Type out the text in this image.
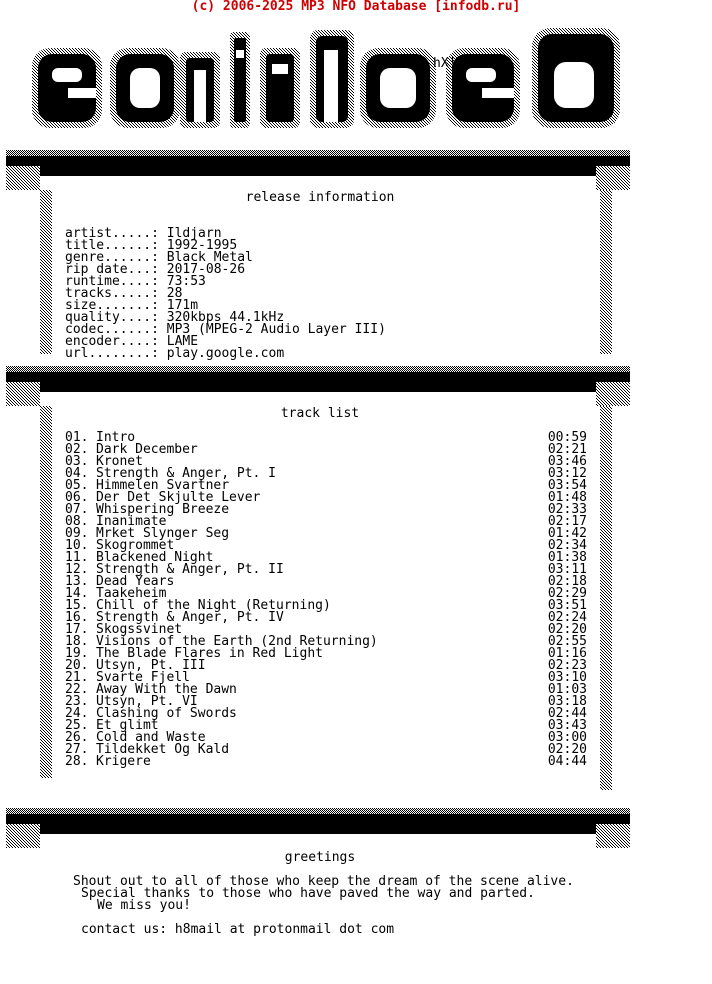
(c) 2006-2025 MP3 NFO Database [infodb.ru]
hX!
release information
artist.....: Ildjarn
title......: 1992-1995
genre......: Black Metal
rip date...: 2017-08-26
runtime....: 73:53
tracks.....: 28
size.......: 171m
quality....: 320kbps 44.1kHz
codec......: MP3 (MPEG-2 Audio Layer III)
encoder....: LAME
url........: play.google.com
track list
01. Intro	00:59
02. Dark December	02:21
03. Kronet	03:46
04. Strength & Anger, Pt. I	03:12
05. Himmelen Svartner	03:54
06. Der Det Skjulte Lever	01:48
07. Whispering Breeze	02:33
08. Inanimate	02:17
09. Mrket Slynger Seg	01:42
10. Skogrommet	02:34
11. Blackened Night	01:38
12. Strength & Anger, Pt. II	03:11
13. Dead Years	02:18
14. Taakeheim	02:29
15. Chill of the Night (Returning)	03:51
16. Strength & Anger, Pt. IV	02:24
17. Skogssvinet	02:20
18. Visions of the Earth (2nd Returning)	02:55
19. The Blade Flares in Red Light	01:16
20. Utsyn, Pt. III	02:23
21. Svarte Fjell	03:10
22. Away With the Dawn	01:03
23. Utsyn, Pt. VI	03:18
24. Clashing of Swords	02:44
25. Et glimt	03:43
26. Cold and Waste	03:00
27. Tildekket Og Kald	02:20
28. Krigere	04:44
greetings
Shout out to all of those who keep the dream of the scene alive.
Special thanks to those who have paved the way and parted.
We miss you!
contact us: h8mail at protonmail dot com
